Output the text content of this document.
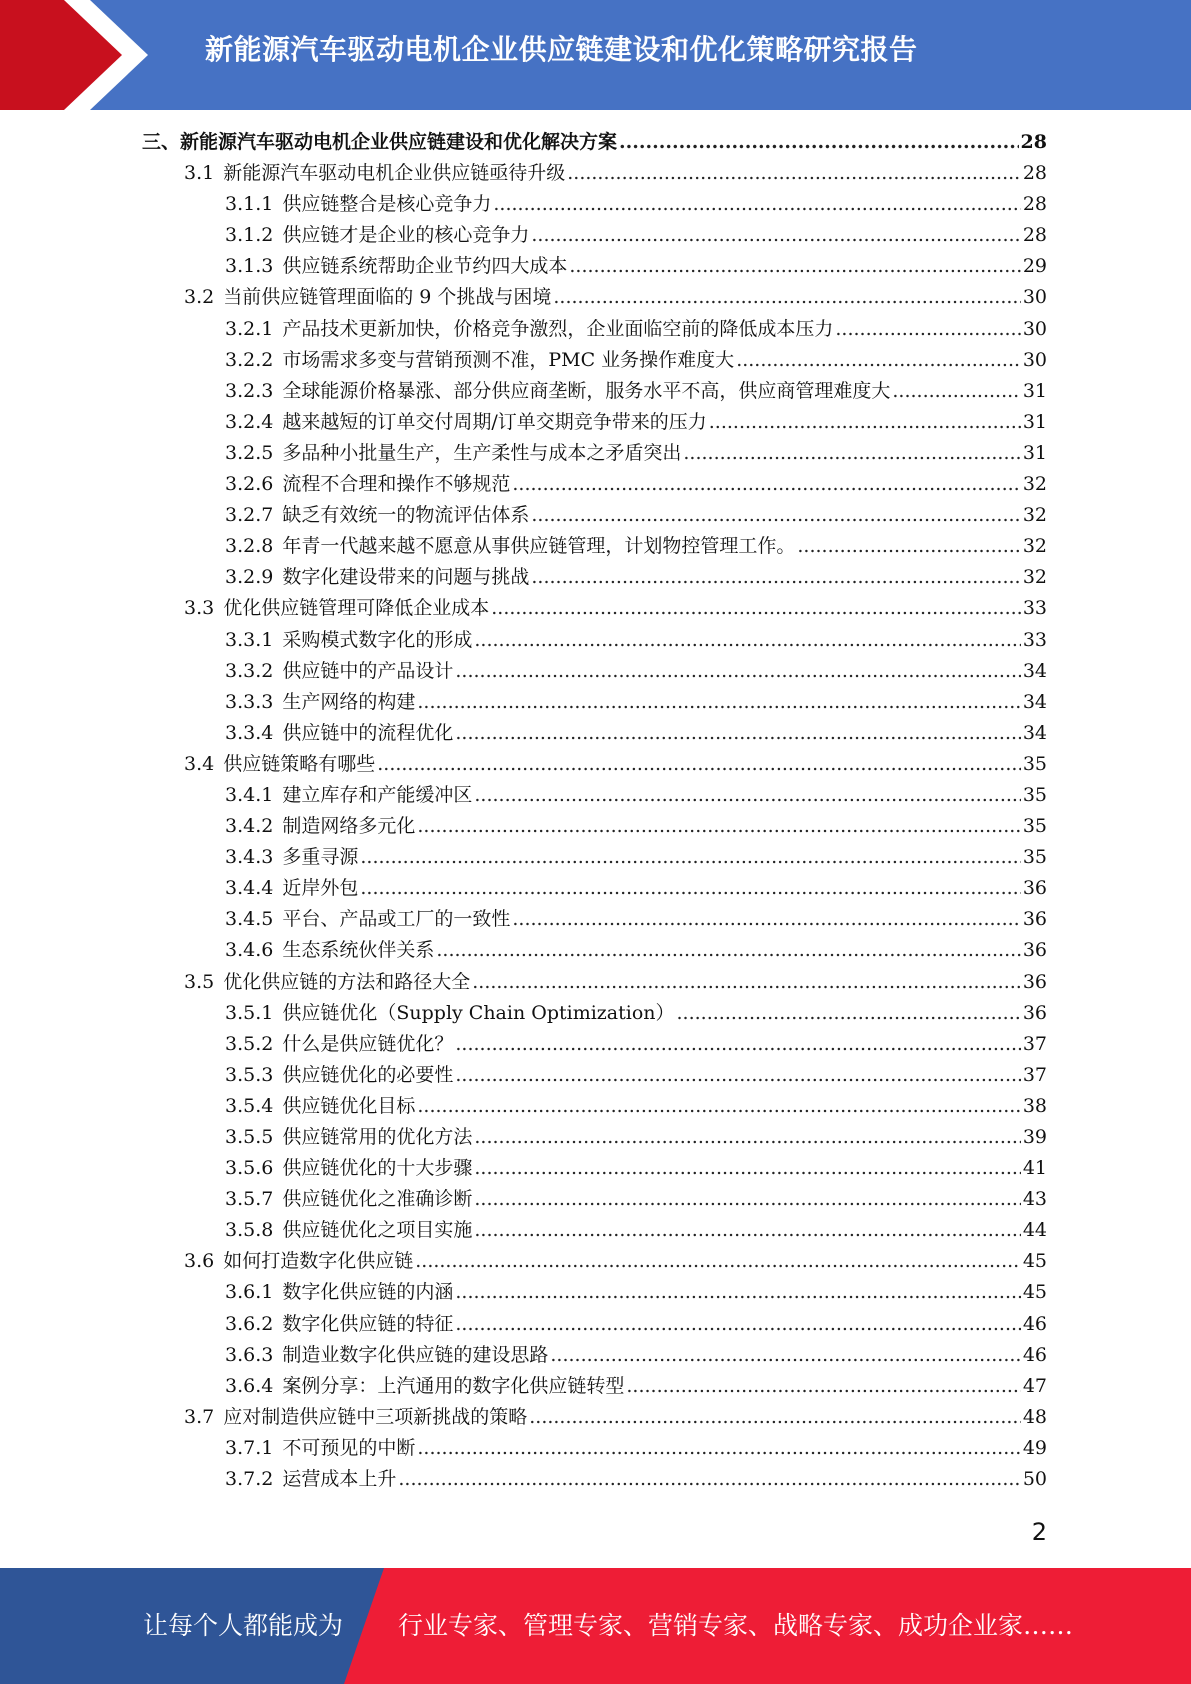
新能源汽车驱动电机企业供应链建设和优化策略研究报告
三、 新能源汽车驱动电机企业供应链建设和优化解决方案 .....	28
3.1 新能源汽车驱动电机企业供应链亟待升级 .....	28
3.1.1 供应链整合是核心竞争力 .....	28
3.1.2 供应链才是企业的核心竞争力 .....	28
3.1.3 供应链系统帮助企业节约四大成本 .....	29
3.2 当前供应链管理面临的 9 个挑战与困境 .....	30
3.2.1 产品技术更新加快，价格竞争激烈，企业面临空前的降低成本压力 .....	30
3.2.2 市场需求多变与营销预测不准，PMC 业务操作难度大 .....	30
3.2.3 全球能源价格暴涨、部分供应商垄断，服务水平不高，供应商管理难度大 .....	31
3.2.4 越来越短的订单交付周期/订单交期竞争带来的压力 .....	31
3.2.5 多品种小批量生产，生产柔性与成本之矛盾突出 .....	31
3.2.6 流程不合理和操作不够规范 .....	32
3.2.7 缺乏有效统一的物流评估体系 .....	32
3.2.8 年青一代越来越不愿意从事供应链管理，计划物控管理工作。 .....	32
3.2.9 数字化建设带来的问题与挑战 .....	32
3.3 优化供应链管理可降低企业成本 .....	33
3.3.1 采购模式数字化的形成 .....	33
3.3.2 供应链中的产品设计 .....	34
3.3.3 生产网络的构建 .....	34
3.3.4 供应链中的流程优化 .....	34
3.4 供应链策略有哪些 .....	35
3.4.1 建立库存和产能缓冲区 .....	35
3.4.2 制造网络多元化 .....	35
3.4.3 多重寻源 .....	35
3.4.4 近岸外包 .....	36
3.4.5 平台、产品或工厂的一致性 .....	36
3.4.6 生态系统伙伴关系 .....	36
3.5 优化供应链的方法和路径大全 .....	36
3.5.1 供应链优化（Supply Chain Optimization） .....	36
3.5.2 什么是供应链优化？ .....	37
3.5.3 供应链优化的必要性 .....	37
3.5.4 供应链优化目标 .....	38
3.5.5 供应链常用的优化方法 .....	39
3.5.6 供应链优化的十大步骤 .....	41
3.5.7 供应链优化之准确诊断 .....	43
3.5.8 供应链优化之项目实施 .....	44
3.6 如何打造数字化供应链 .....	45
3.6.1 数字化供应链的内涵 .....	45
3.6.2 数字化供应链的特征 .....	46
3.6.3 制造业数字化供应链的建设思路 .....	46
3.6.4 案例分享：上汽通用的数字化供应链转型 .....	47
3.7 应对制造供应链中三项新挑战的策略 .....	48
3.7.1 不可预见的中断 .....	49
3.7.2 运营成本上升 .....	50
2
让每个人都能成为 行业专家、管理专家、营销专家、战略专家、成功企业家……
